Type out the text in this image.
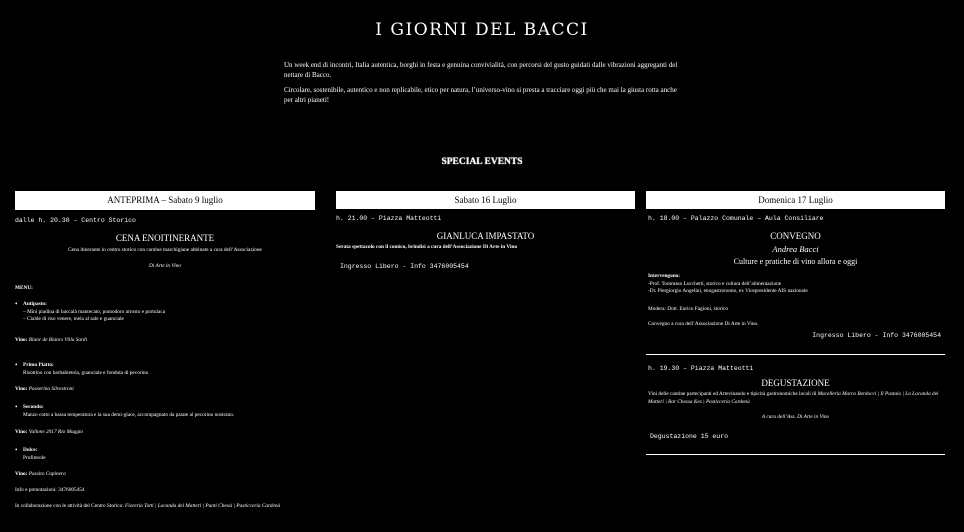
I GIORNI DEL BACCI

Un week end di incontri, Italia autentica, borghi in festa e genuina convivialità, con percorsi del gusto guidati dalle vibrazioni aggreganti del nettare di Bacco.

Circolare, sostenibile, autentico e non replicabile, etico per natura, l’universo-vino si presta a tracciare oggi più che mai la giusta rotta anche per altri pianeti!

SPECIAL EVENTS
ANTEPRIMA – Sabato 9 luglio
dalle h. 20.30 – Centro Storico
CENA ENOITINERANTE
Cena itinerante in centro storico con cantine marchigiane abbinate a cura dell’Associazione
Di Arte in Vino
MENU:
• Antipasto:
– Mini piadina di baccalà mantecato, pomodoro arrosto e portulaca
– Cialde di riso venere, mela al sale e guanciale
Vino: Blanc de Blancs Villa Sardi
• Primo Piatto:
Risottino con barbabietola, guanciale e fonduta di pecorino
Vino: Passerina Silvestroni
• Secondo:
Manzo cotto a bassa temperatura e la sua demi-glace, accompagnato da patate al pecorino nostrano.
Vino: Vallone 2017 Rio Maggio
• Dolce:
Profiterole
Vino: Passito Capinera
Info e prenotazioni: 3476005454
In collaborazione con le attività del Centro Storico: Fioreria Totti | Locanda dei Matteri | Punti Chessi | Pasticceria Cardenà
Sabato 16 Luglio
h. 21.00 – Piazza Matteotti
GIANLUCA IMPASTATO
Serata spettacolo con il comico, brindisi a cura dell’Associazione Di Arte in Vino
Ingresso Libero - Info 3476005454
Domenica 17 Luglio
h. 18.00 – Palazzo Comunale – Aula Consiliare
CONVEGNO
Andrea Bacci
Culture e pratiche di vino allora e oggi
Intervengono:
-Prof. Tommaso Lucchetti, storico e cultura dell’alimentazione
-Dr. Piergiorgio Angelini, enogastronomo, ex Vicepresidente AIS nazionale
Modera: Dott. Enrico Fagioni, storico
Convegno a cura dell’Associazione Di Arte in Vino.
Ingresso Libero - Info 3476005454
h. 19.30 – Piazza Matteotti
DEGUSTAZIONE
Vini delle cantine partecipanti ed Artevinando e tipicità gastronomiche locali di Macelleria Marco Berdocci | Il Pastaio | La Locanda dei Matteri | Bar Chessa Kes | Pasticceria Cardenà
A cura dell’Ass. Di Arte in Vino
Degustazione 15 euro
